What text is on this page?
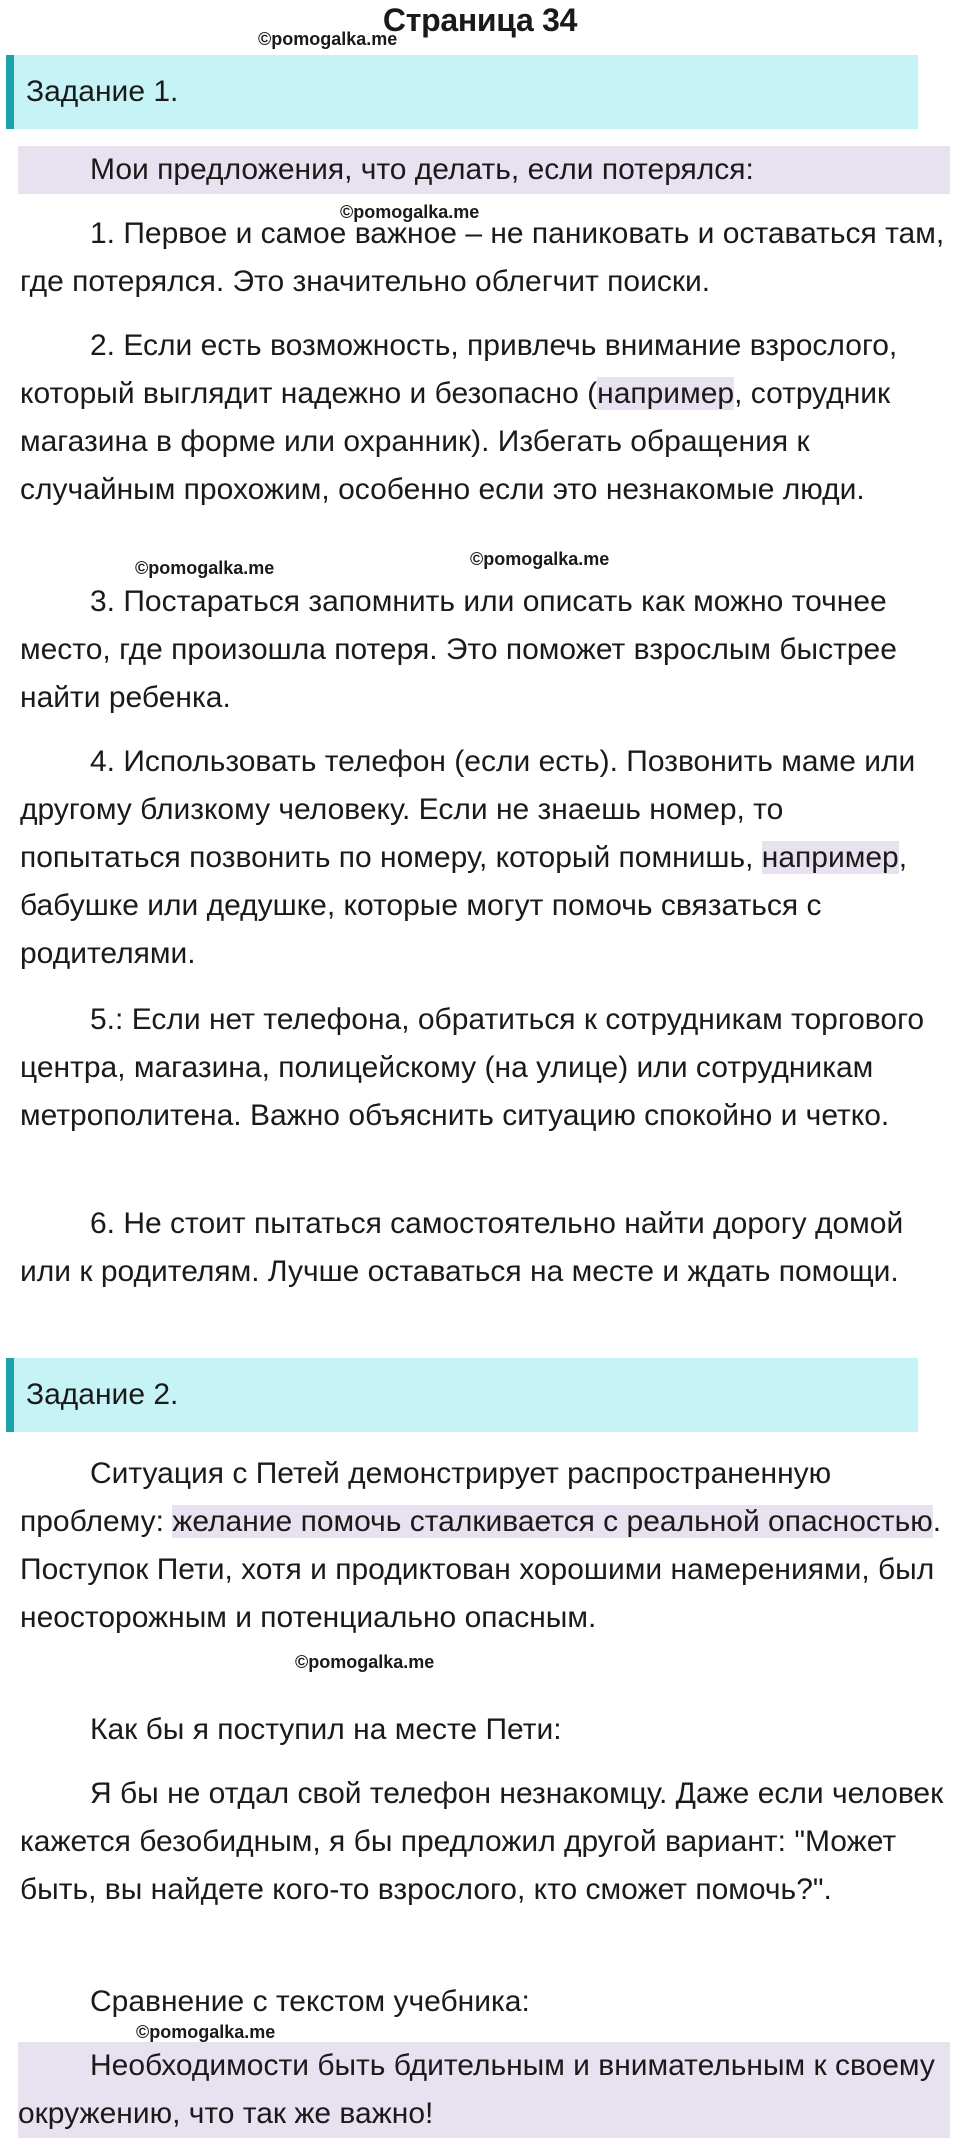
Страница 34
©pomogalka.me
Задание 1.
Мои предложения, что делать, если потерялся:
©pomogalka.me
1. Первое и самое важное – не паниковать и оставаться там, где потерялся. Это значительно облегчит поиски.
2. Если есть возможность, привлечь внимание взрослого, который выглядит надежно и безопасно (например, сотрудник магазина в форме или охранник). Избегать обращения к случайным прохожим, особенно если это незнакомые люди.
©pomogalka.me	©pomogalka.me
3. Постараться запомнить или описать как можно точнее место, где произошла потеря. Это поможет взрослым быстрее найти ребенка.
4. Использовать телефон (если есть). Позвонить маме или другому близкому человеку. Если не знаешь номер, то попытаться позвонить по номеру, который помнишь, например, бабушке или дедушке, которые могут помочь связаться с родителями.
5.: Если нет телефона, обратиться к сотрудникам торгового центра, магазина, полицейскому (на улице) или сотрудникам метрополитена. Важно объяснить ситуацию спокойно и четко.
6. Не стоит пытаться самостоятельно найти дорогу домой или к родителям. Лучше оставаться на месте и ждать помощи.
Задание 2.
Ситуация с Петей демонстрирует распространенную проблему: желание помочь сталкивается с реальной опасностью. Поступок Пети, хотя и продиктован хорошими намерениями, был неосторожным и потенциально опасным.
©pomogalka.me
Как бы я поступил на месте Пети:
Я бы не отдал свой телефон незнакомцу. Даже если человек кажется безобидным, я бы предложил другой вариант: "Может быть, вы найдете кого-то взрослого, кто сможет помочь?".
Сравнение с текстом учебника:
©pomogalka.me
Необходимости быть бдительным и внимательным к своему окружению, что так же важно!
